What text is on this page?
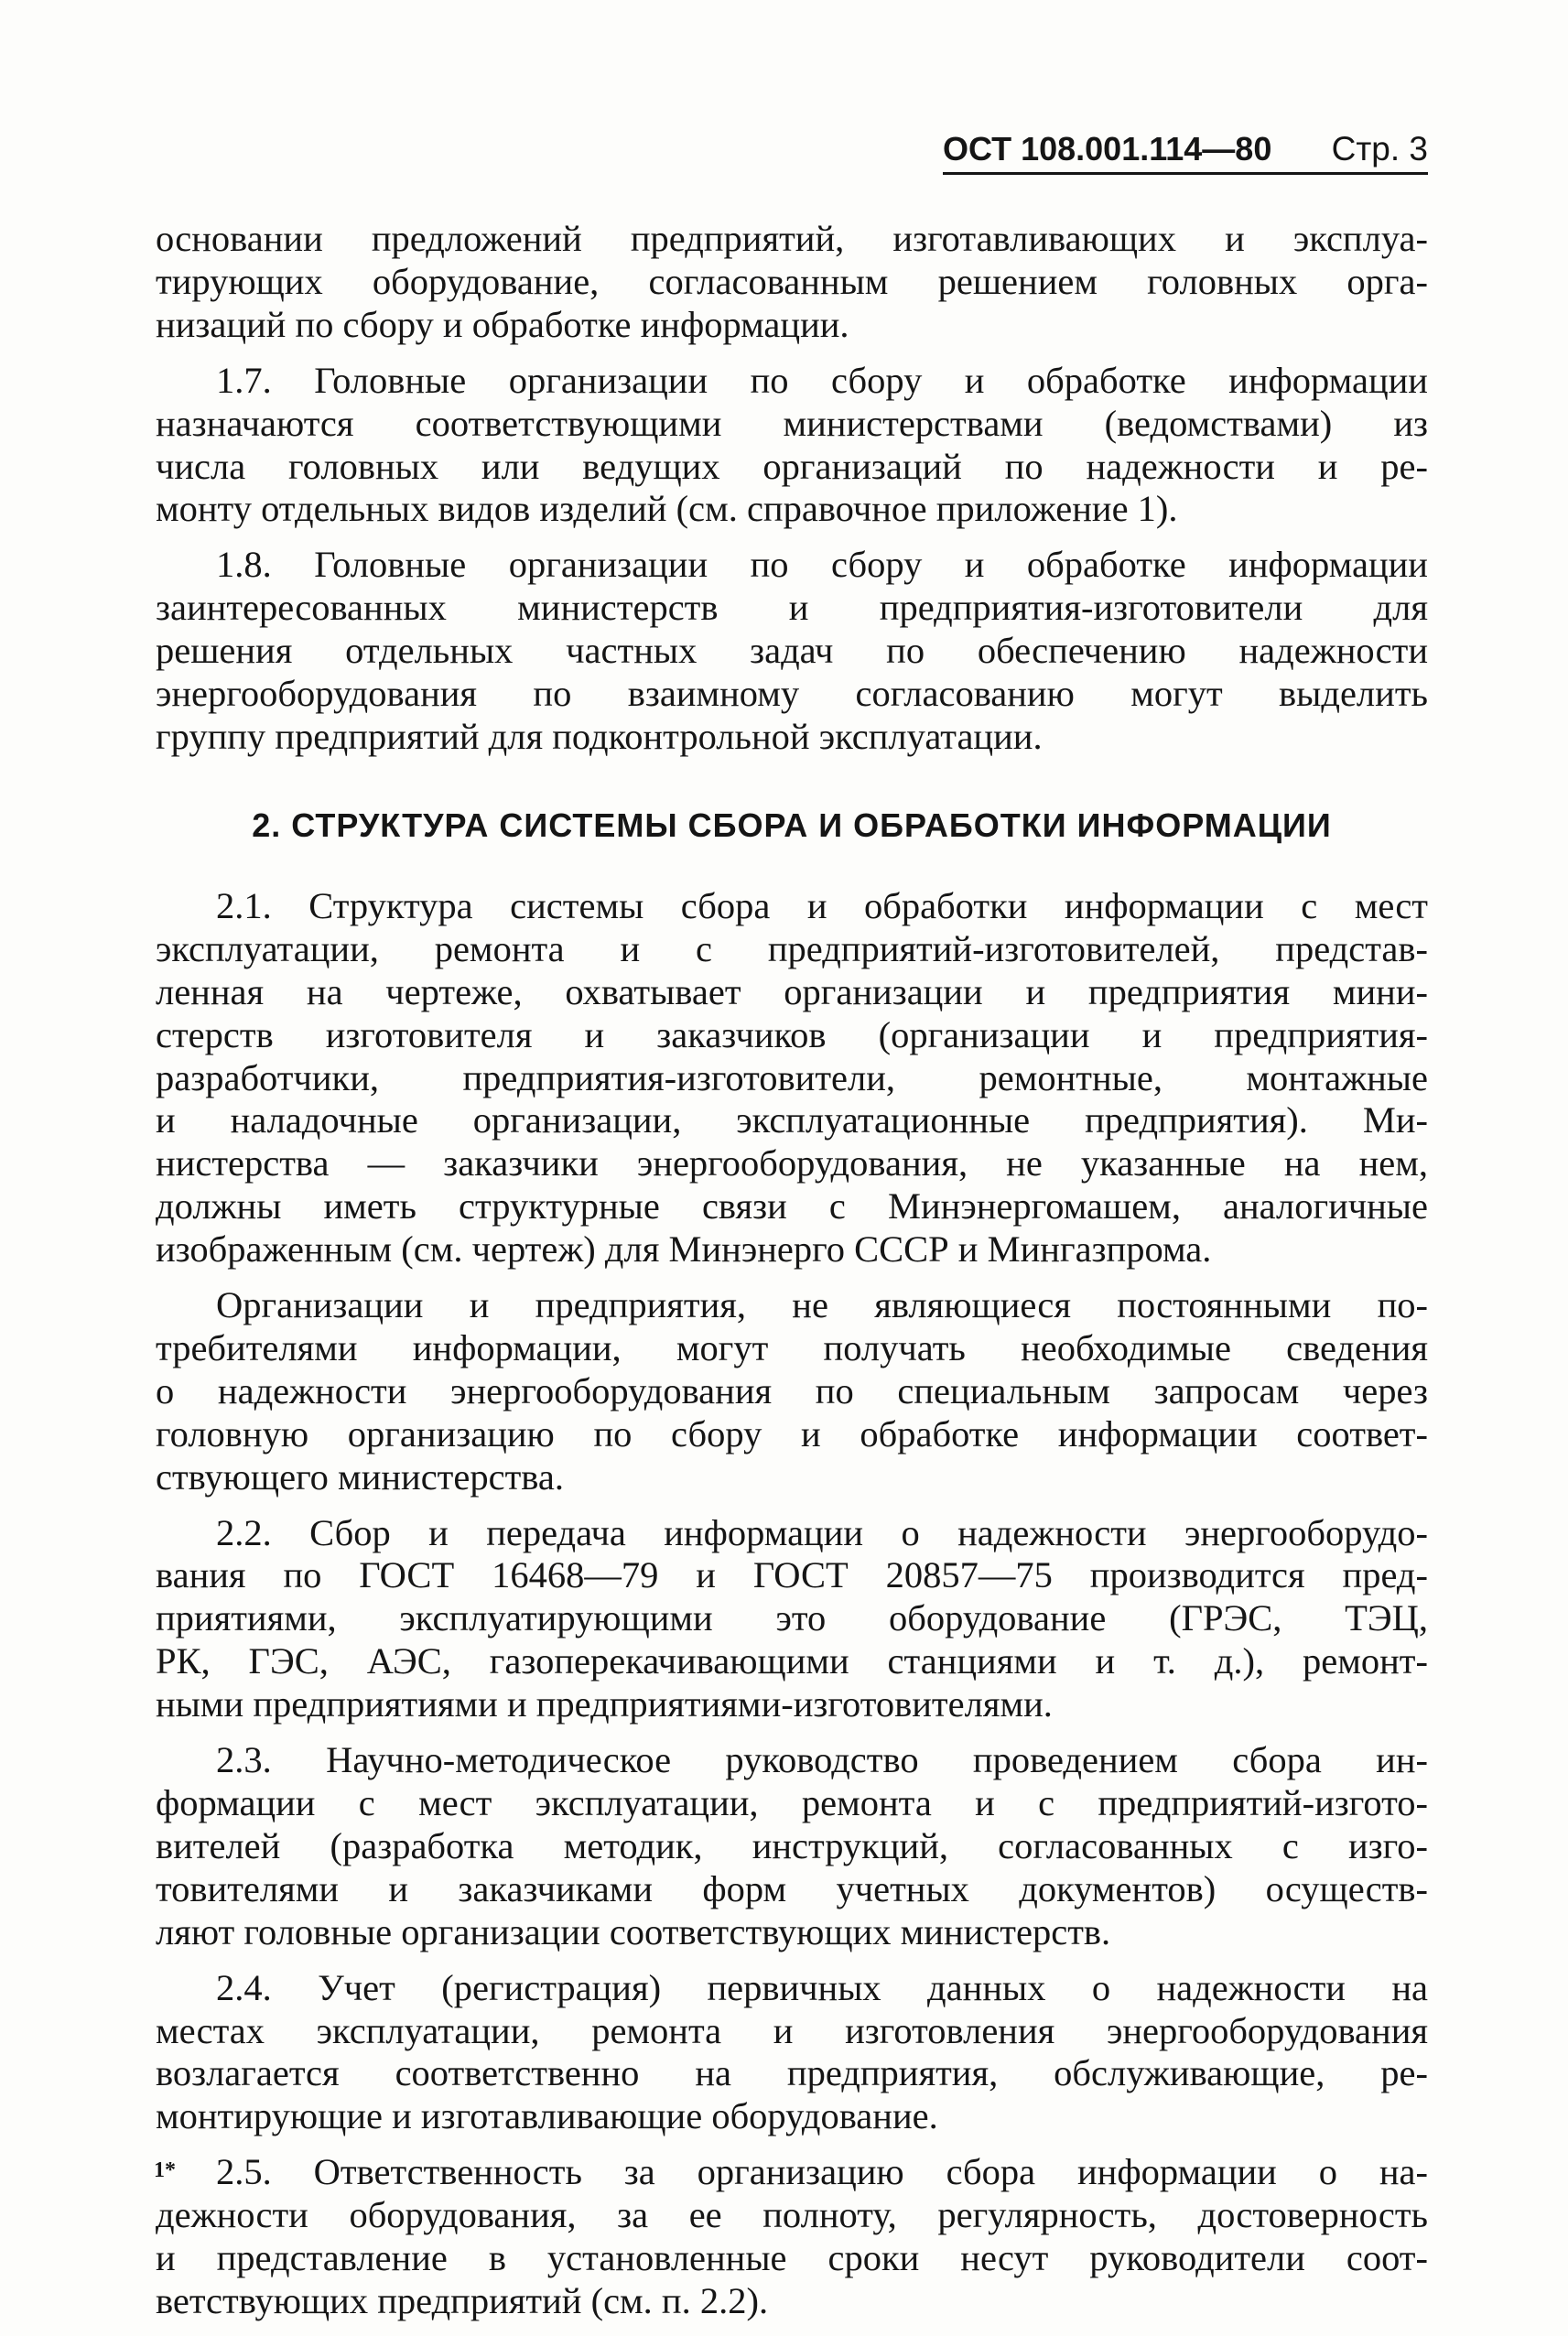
ОСТ 108.001.114—80 Стр. 3
основании предложений предприятий, изготавливающих и эксплуа-
тирующих оборудование, согласованным решением головных орга-
низаций по сбору и обработке информации.
1.7. Головные организации по сбору и обработке информации
назначаются соответствующими министерствами (ведомствами) из
числа головных или ведущих организаций по надежности и ре-
монту отдельных видов изделий (см. справочное приложение 1).
1.8. Головные организации по сбору и обработке информации
заинтересованных министерств и предприятия-изготовители для
решения отдельных частных задач по обеспечению надежности
энергооборудования по взаимному согласованию могут выделить
группу предприятий для подконтрольной эксплуатации.
2. СТРУКТУРА СИСТЕМЫ СБОРА И ОБРАБОТКИ ИНФОРМАЦИИ
2.1. Структура системы сбора и обработки информации с мест
эксплуатации, ремонта и с предприятий-изготовителей, представ-
ленная на чертеже, охватывает организации и предприятия мини-
стерств изготовителя и заказчиков (организации и предприятия-
разработчики, предприятия-изготовители, ремонтные, монтажные
и наладочные организации, эксплуатационные предприятия). Ми-
нистерства — заказчики энергооборудования, не указанные на нем,
должны иметь структурные связи с Минэнергомашем, аналогичные
изображенным (см. чертеж) для Минэнерго СССР и Мингазпрома.
Организации и предприятия, не являющиеся постоянными по-
требителями информации, могут получать необходимые сведения
о надежности энергооборудования по специальным запросам через
головную организацию по сбору и обработке информации соответ-
ствующего министерства.
2.2. Сбор и передача информации о надежности энергооборудо-
вания по ГОСТ 16468—79 и ГОСТ 20857—75 производится пред-
приятиями, эксплуатирующими это оборудование (ГРЭС, ТЭЦ,
РК, ГЭС, АЭС, газоперекачивающими станциями и т. д.), ремонт-
ными предприятиями и предприятиями-изготовителями.
2.3. Научно-методическое руководство проведением сбора ин-
формации с мест эксплуатации, ремонта и с предприятий-изгото-
вителей (разработка методик, инструкций, согласованных с изго-
товителями и заказчиками форм учетных документов) осуществ-
ляют головные организации соответствующих министерств.
2.4. Учет (регистрация) первичных данных о надежности на
местах эксплуатации, ремонта и изготовления энергооборудования
возлагается соответственно на предприятия, обслуживающие, ре-
монтирующие и изготавливающие оборудование.
2.5. Ответственность за организацию сбора информации о на-
дежности оборудования, за ее полноту, регулярность, достоверность
и представление в установленные сроки несут руководители соот-
ветствующих предприятий (см. п. 2.2).
1*
